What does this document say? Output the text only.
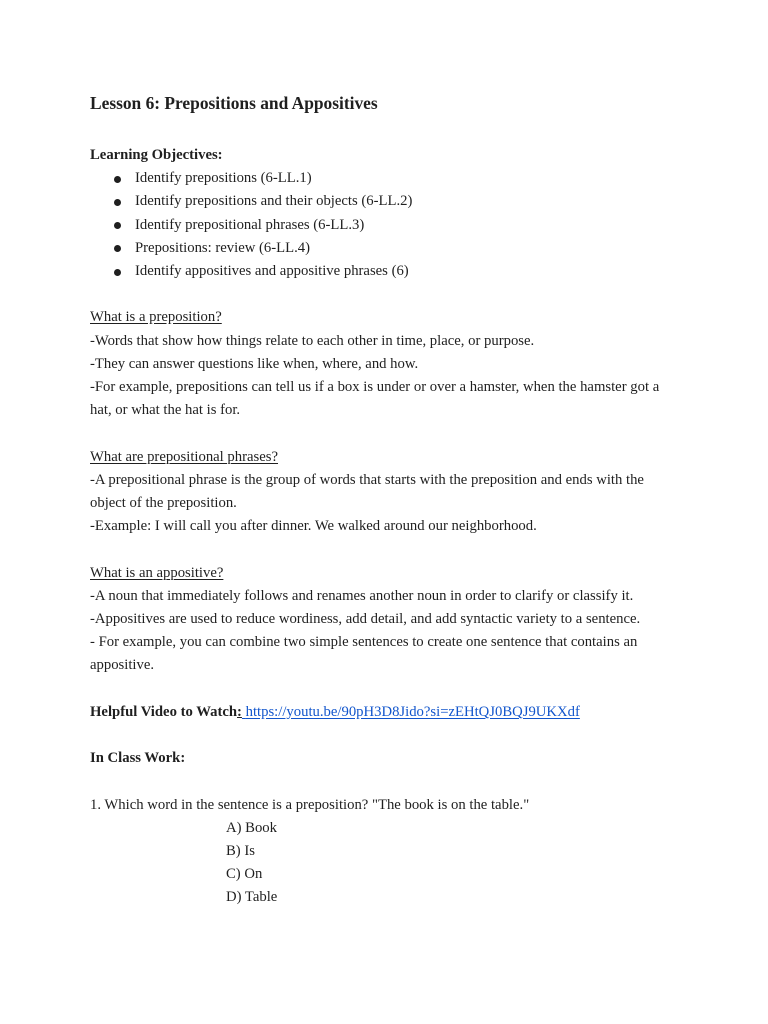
Lesson 6: Prepositions and Appositives
Learning Objectives:
Identify prepositions (6-LL.1)
Identify prepositions and their objects (6-LL.2)
Identify prepositional phrases (6-LL.3)
Prepositions: review (6-LL.4)
Identify appositives and appositive phrases (6)
What is a preposition?
-Words that show how things relate to each other in time, place, or purpose.
-They can answer questions like when, where, and how.
-For example, prepositions can tell us if a box is under or over a hamster, when the hamster got a hat, or what the hat is for.
What are prepositional phrases?
-A prepositional phrase is the group of words that starts with the preposition and ends with the object of the preposition.
-Example: I will call you after dinner. We walked around our neighborhood.
What is an appositive?
-A noun that immediately follows and renames another noun in order to clarify or classify it.
-Appositives are used to reduce wordiness, add detail, and add syntactic variety to a sentence.
- For example, you can combine two simple sentences to create one sentence that contains an appositive.
Helpful Video to Watch: https://youtu.be/90pH3D8Jido?si=zEHtQJ0BQJ9UKXdf
In Class Work:
1. Which word in the sentence is a preposition? "The book is on the table."
A) Book
B) Is
C) On
D) Table
